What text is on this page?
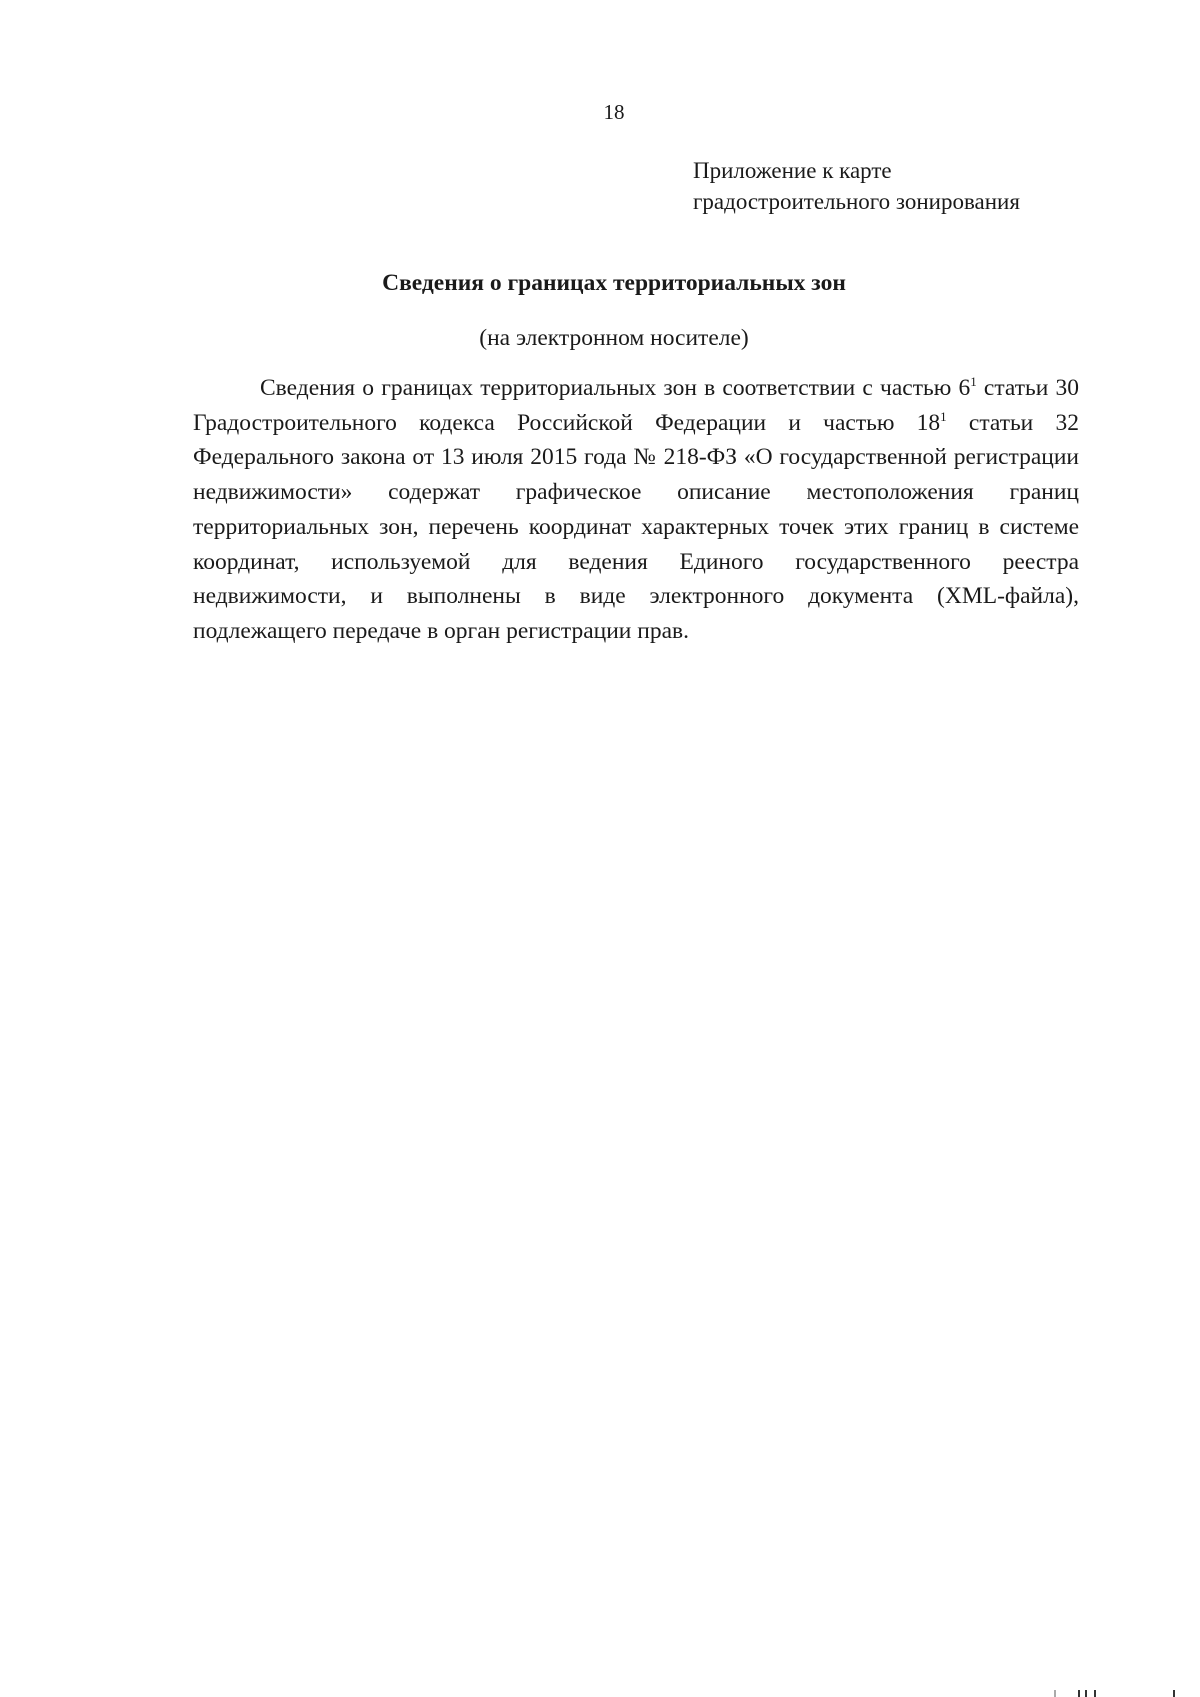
18
Приложение к карте
градостроительного зонирования
Сведения о границах территориальных зон
(на электронном носителе)

Сведения о границах территориальных зон в соответствии с частью $6^1$ статьи 30 Градостроительного кодекса Российской Федерации и частью $18^1$ статьи 32 Федерального закона от 13 июля 2015 года № 218-ФЗ «О государственной регистрации недвижимости» содержат графическое описание местоположения границ территориальных зон, перечень координат характерных точек этих границ в системе координат, используемой для ведения Единого государственного реестра недвижимости, и выполнены в виде электронного документа (XML-файла), подлежащего передаче в орган регистрации прав.
